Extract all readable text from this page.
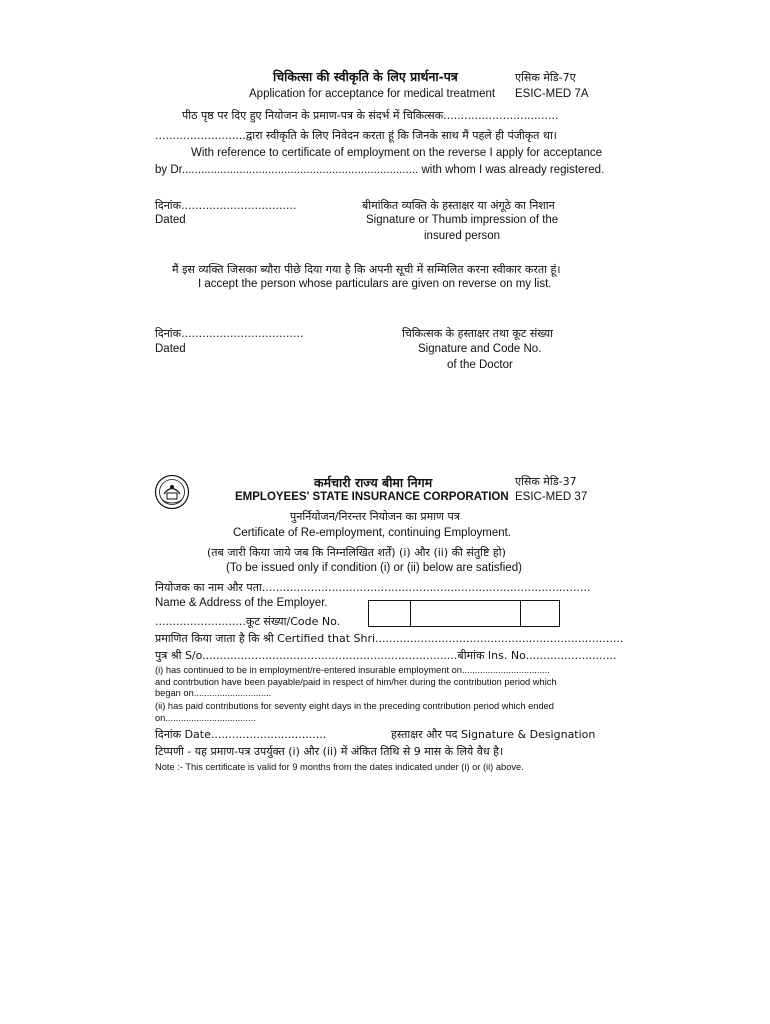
चिकित्सा की स्वीकृति के लिए प्रार्थना-पत्र	एसिक मेडि-7ए
Application for acceptance for medical treatment ESIC-MED 7A
पीठ पृष्ठ पर दिए हुए नियोजन के प्रमाण-पत्र के संदर्भ में चिकित्सक.................................
..........................द्वारा स्वीकृति के लिए निवेदन करता हूं कि जिनके साथ मैं पहले ही पंजीकृत था।
With reference to certificate of employment on the reverse I apply for acceptance
by Dr.......................................................................... with whom I was already registered.
दिनांक.................................
Dated
बीमांकित व्यक्ति के हस्ताक्षर या अंगूठे का निशान
Signature or Thumb impression of the
insured person
मैं इस व्यक्ति जिसका ब्यौरा पीछे दिया गया है कि अपनी सूची में सम्मिलित करना स्वीकार करता हूं।
I accept the person whose particulars are given on reverse on my list.
दिनांक...................................
Dated
चिकित्सक के हस्ताक्षर तथा कूट संख्या
Signature and Code No.
of the Doctor
कर्मचारी राज्य बीमा निगम	एसिक मेडि-37
EMPLOYEES' STATE INSURANCE CORPORATION ESIC-MED 37
पुनर्नियोजन/निरन्तर नियोजन का प्रमाण पत्र
Certificate of Re-employment, continuing Employment.
(तब जारी किया जाये जब कि निम्नलिखित शर्तें) (i) और (ii) की संतुष्टि हो)
(To be issued only if condition (i) or (ii) below are satisfied)
नियोजक का नाम और पता..............................................................................................
Name & Address of the Employer.
..........................कूट संख्या/Code No.
प्रमाणित किया जाता है कि श्री Certified that Shri.......................................................................
पुत्र श्री S/o.........................................................................बीमांक Ins. No..........................
(i) has continued to be in employment/re-entered insurable employment on..................................
and contrbution have been payable/paid in respect of him/her during the contribution period which
began on..............................
(ii) has paid contributions for seventy eight days in the preceding contribution period which ended
on...................................
दिनांक Date.................................	हस्ताक्षर और पद Signature & Designation
टिप्पणी - यह प्रमाण-पत्र उपर्युक्त (i) और (ii) में अंकित तिथि से 9 मास के लिये वैध है।
Note :- This certificate is valid for 9 months from the dates indicated under (i) or (ii) above.
